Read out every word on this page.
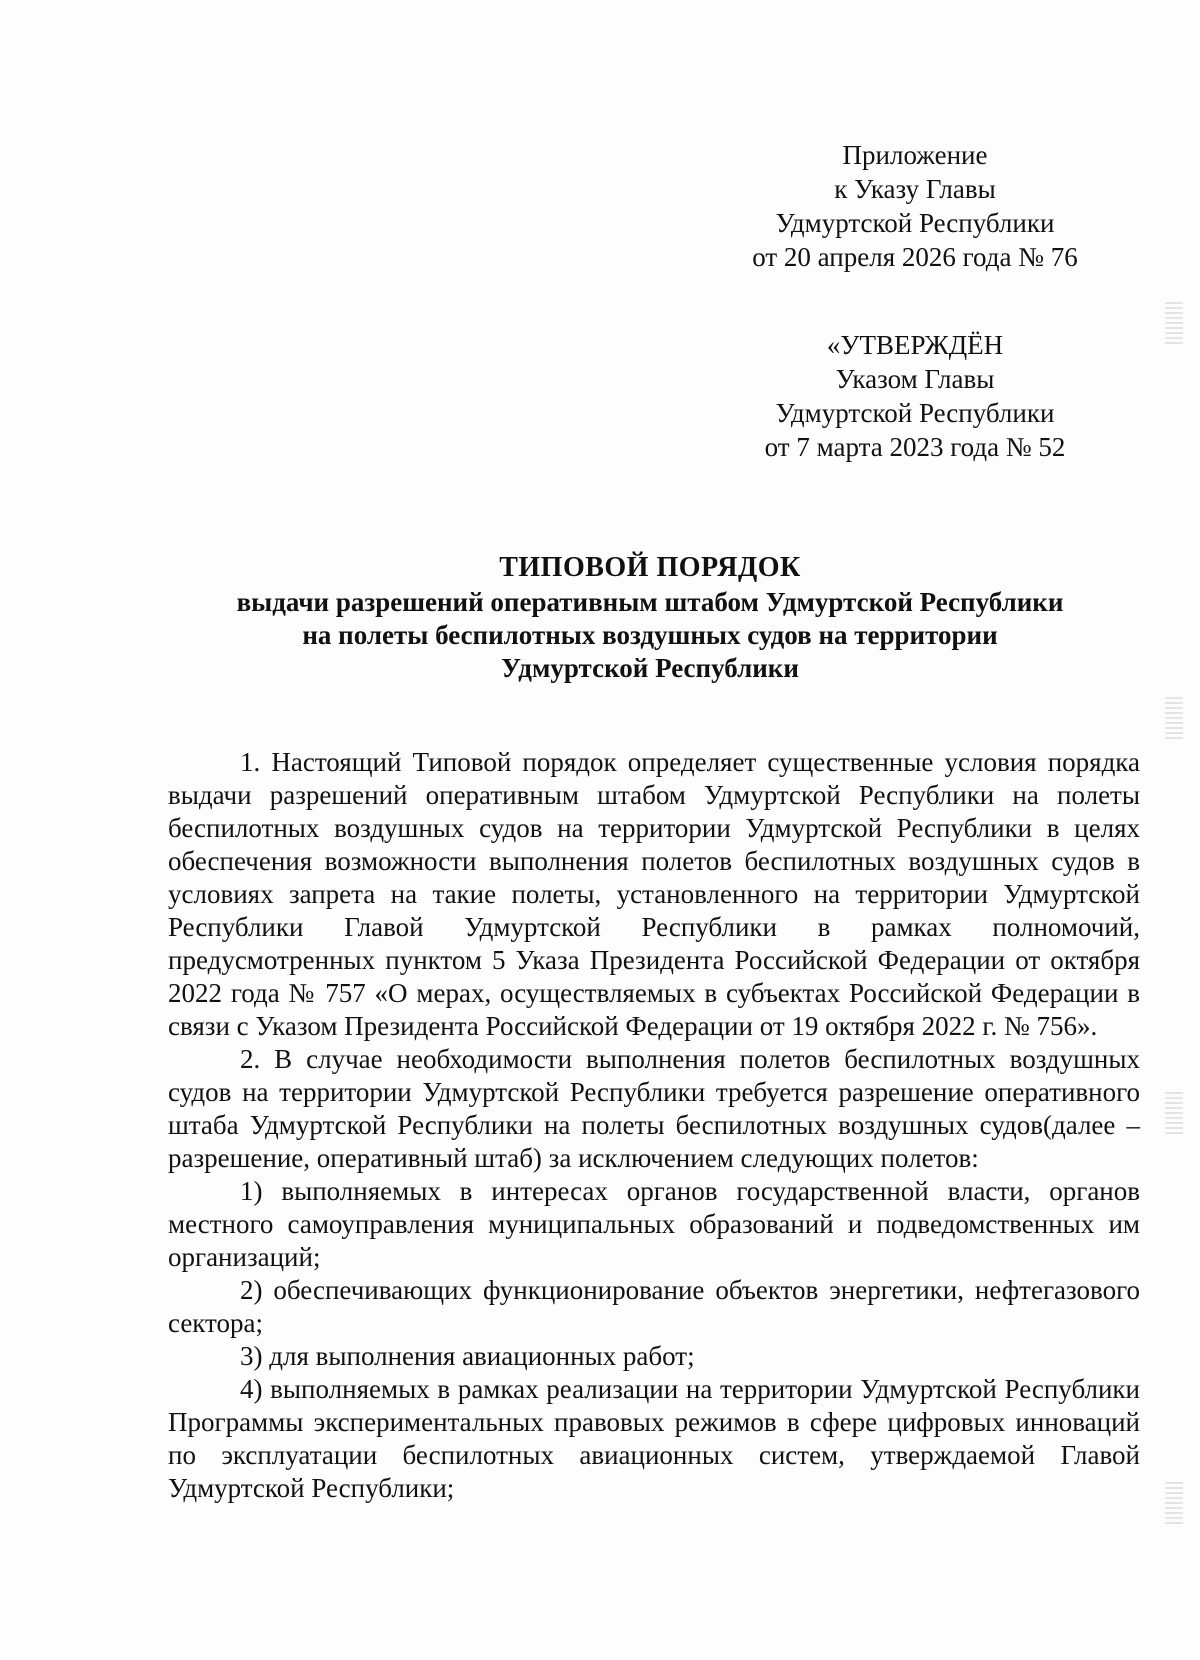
Приложение
к Указу Главы
Удмуртской Республики
от 20 апреля 2026 года № 76
«УТВЕРЖДЁН
Указом Главы
Удмуртской Республики
от 7 марта 2023 года № 52
ТИПОВОЙ ПОРЯДОК
выдачи разрешений оперативным штабом Удмуртской Республики
на полеты беспилотных воздушных судов на территории
Удмуртской Республики

1. Настоящий Типовой порядок определяет существенные условия порядка выдачи разрешений оперативным штабом Удмуртской Республики на полеты беспилотных воздушных судов на территории Удмуртской Республики в целях обеспечения возможности выполнения полетов беспилотных воздушных судов в условиях запрета на такие полеты, установленного на территории Удмуртской Республики Главой Удмуртской Республики в рамках полномочий, предусмотренных пунктом 5 Указа Президента Российской Федерации от октября 2022 года № 757 «О мерах, осуществляемых в субъектах Российской Федерации в связи с Указом Президента Российской Федерации от 19 октября 2022 г. № 756».

2. В случае необходимости выполнения полетов беспилотных воздушных судов на территории Удмуртской Республики требуется разрешение оперативного штаба Удмуртской Республики на полеты беспилотных воздушных судов(далее – разрешение, оперативный штаб) за исключением следующих полетов:

1) выполняемых в интересах органов государственной власти, органов местного самоуправления муниципальных образований и подведомственных им организаций;

2) обеспечивающих функционирование объектов энергетики, нефтегазового сектора;

3) для выполнения авиационных работ;

4) выполняемых в рамках реализации на территории Удмуртской Республики Программы экспериментальных правовых режимов в сфере цифровых инноваций по эксплуатации беспилотных авиационных систем, утверждаемой Главой Удмуртской Республики;
